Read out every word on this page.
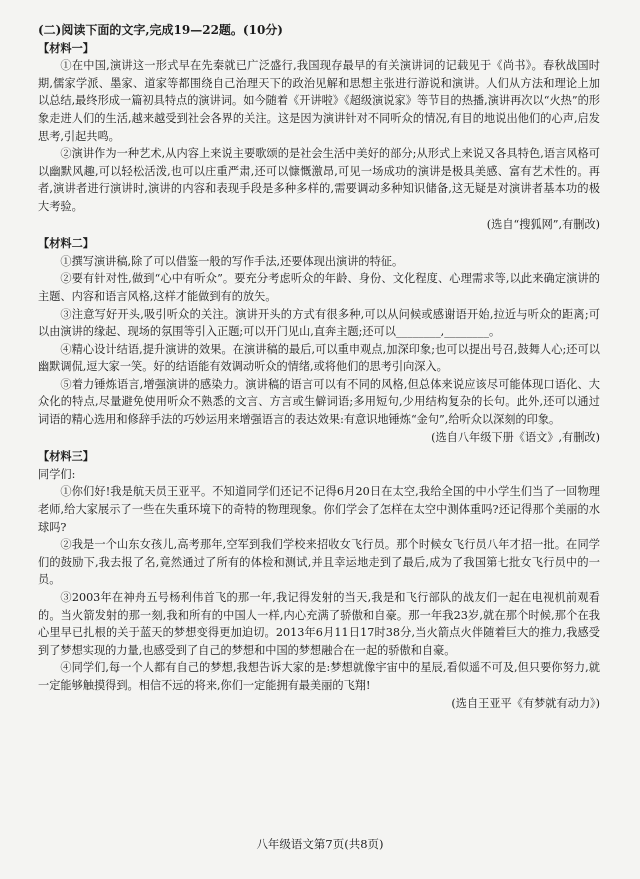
(二)阅读下面的文字,完成19—22题。(10分)
【材料一】

①在中国,演讲这一形式早在先秦就已广泛盛行,我国现存最早的有关演讲词的记载见于《尚书》。春秋战国时期,儒家学派、墨家、道家等都围绕自己治理天下的政治见解和思想主张进行游说和演讲。人们从方法和理论上加以总结,最终形成一篇初具特点的演讲词。如今随着《开讲啦》《超级演说家》等节目的热播,演讲再次以“火热”的形象走进人们的生活,越来越受到社会各界的关注。这是因为演讲针对不同听众的情况,有目的地说出他们的心声,启发思考,引起共鸣。

②演讲作为一种艺术,从内容上来说主要歌颂的是社会生活中美好的部分;从形式上来说又各具特色,语言风格可以幽默风趣,可以轻松活泼,也可以庄重严肃,还可以慷慨激昂,可见一场成功的演讲是极具美感、富有艺术性的。再者,演讲者进行演讲时,演讲的内容和表现手段是多种多样的,需要调动多种知识储备,这无疑是对演讲者基本功的极大考验。

(选自“搜狐网”,有删改)
【材料二】

①撰写演讲稿,除了可以借鉴一般的写作手法,还要体现出演讲的特征。

②要有针对性,做到“心中有听众”。要充分考虑听众的年龄、身份、文化程度、心理需求等,以此来确定演讲的主题、内容和语言风格,这样才能做到有的放矢。

③注意写好开头,吸引听众的关注。演讲开头的方式有很多种,可以从问候或感谢语开始,拉近与听众的距离;可以由演讲的缘起、现场的氛围等引入正题;可以开门见山,直奔主题;还可以________,________。

④精心设计结语,提升演讲的效果。在演讲稿的最后,可以重申观点,加深印象;也可以提出号召,鼓舞人心;还可以幽默调侃,逗大家一笑。好的结语能有效调动听众的情绪,或将他们的思考引向深入。

⑤着力锤炼语言,增强演讲的感染力。演讲稿的语言可以有不同的风格,但总体来说应该尽可能体现口语化、大众化的特点,尽量避免使用听众不熟悉的文言、方言或生僻词语;多用短句,少用结构复杂的长句。此外,还可以通过词语的精心选用和修辞手法的巧妙运用来增强语言的表达效果:有意识地锤炼“金句”,给听众以深刻的印象。

(选自八年级下册《语文》,有删改)
【材料三】

同学们:

①你们好!我是航天员王亚平。不知道同学们还记不记得6月20日在太空,我给全国的中小学生们当了一回物理老师,给大家展示了一些在失重环境下的奇特的物理现象。你们学会了怎样在太空中测体重吗?还记得那个美丽的水球吗?

②我是一个山东女孩儿,高考那年,空军到我们学校来招收女飞行员。那个时候女飞行员八年才招一批。在同学们的鼓励下,我去报了名,竟然通过了所有的体检和测试,并且幸运地走到了最后,成为了我国第七批女飞行员中的一员。

③2003年在神舟五号杨利伟首飞的那一年,我记得发射的当天,我是和飞行部队的战友们一起在电视机前观看的。当火箭发射的那一刻,我和所有的中国人一样,内心充满了骄傲和自豪。那一年我23岁,就在那个时候,那个在我心里早已扎根的关于蓝天的梦想变得更加迫切。2013年6月11日17时38分,当火箭点火伴随着巨大的推力,我感受到了梦想实现的力量,也感受到了自己的梦想和中国的梦想融合在一起的骄傲和自豪。

④同学们,每一个人都有自己的梦想,我想告诉大家的是:梦想就像宇宙中的星辰,看似遥不可及,但只要你努力,就一定能够触摸得到。相信不远的将来,你们一定能拥有最美丽的飞翔!

(选自王亚平《有梦就有动力》)
八年级语文第7页(共8页)
